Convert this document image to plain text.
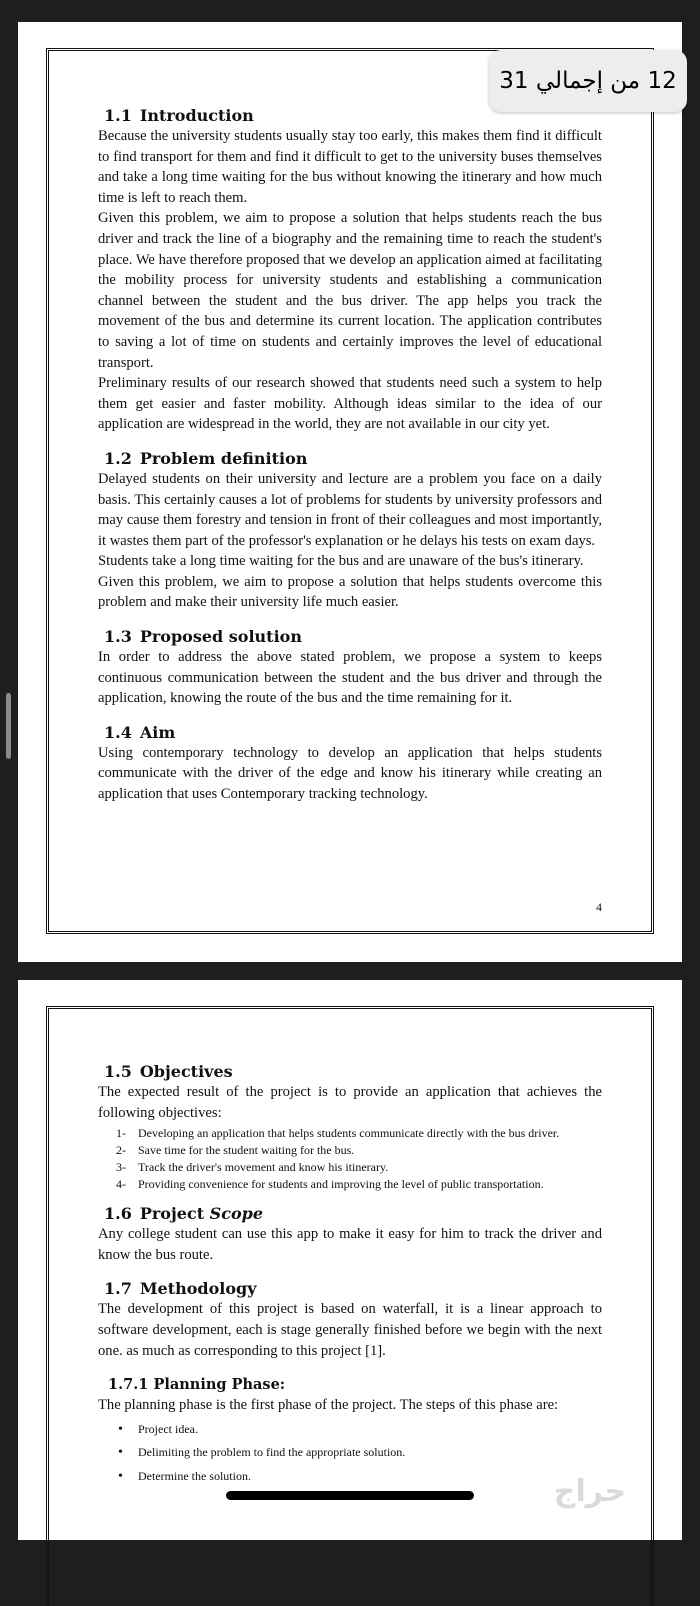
1.1 Introduction

Because the university students usually stay too early, this makes them find it difficult to find transport for them and find it difficult to get to the university buses themselves and take a long time waiting for the bus without knowing the itinerary and how much time is left to reach them.

Given this problem, we aim to propose a solution that helps students reach the bus driver and track the line of a biography and the remaining time to reach the student's place. We have therefore proposed that we develop an application aimed at facilitating the mobility process for university students and establishing a communication channel between the student and the bus driver. The app helps you track the movement of the bus and determine its current location. The application contributes to saving a lot of time on students and certainly improves the level of educational transport.

Preliminary results of our research showed that students need such a system to help them get easier and faster mobility. Although ideas similar to the idea of our application are widespread in the world, they are not available in our city yet.

1.2 Problem definition

Delayed students on their university and lecture are a problem you face on a daily basis. This certainly causes a lot of problems for students by university professors and may cause them forestry and tension in front of their colleagues and most importantly, it wastes them part of the professor's explanation or he delays his tests on exam days.

Students take a long time waiting for the bus and are unaware of the bus's itinerary.

Given this problem, we aim to propose a solution that helps students overcome this problem and make their university life much easier.

1.3 Proposed solution

In order to address the above stated problem, we propose a system to keeps continuous communication between the student and the bus driver and through the application, knowing the route of the bus and the time remaining for it.

1.4 Aim

Using contemporary technology to develop an application that helps students communicate with the driver of the edge and know his itinerary while creating an application that uses Contemporary tracking technology.

4
1.5 Objectives

The expected result of the project is to provide an application that achieves the following objectives:

1- Developing an application that helps students communicate directly with the bus driver.
2- Save time for the student waiting for the bus.
3- Track the driver's movement and know his itinerary.
4- Providing convenience for students and improving the level of public transportation.
1.6 Project Scope

Any college student can use this app to make it easy for him to track the driver and know the bus route.

1.7 Methodology

The development of this project is based on waterfall, it is a linear approach to software development, each is stage generally finished before we begin with the next one. as much as corresponding to this project [1].

1.7.1 Planning Phase:

The planning phase is the first phase of the project. The steps of this phase are:

• Project idea.
• Delimiting the problem to find the appropriate solution.
• Determine the solution.
12 من إجمالي 31
حراج
